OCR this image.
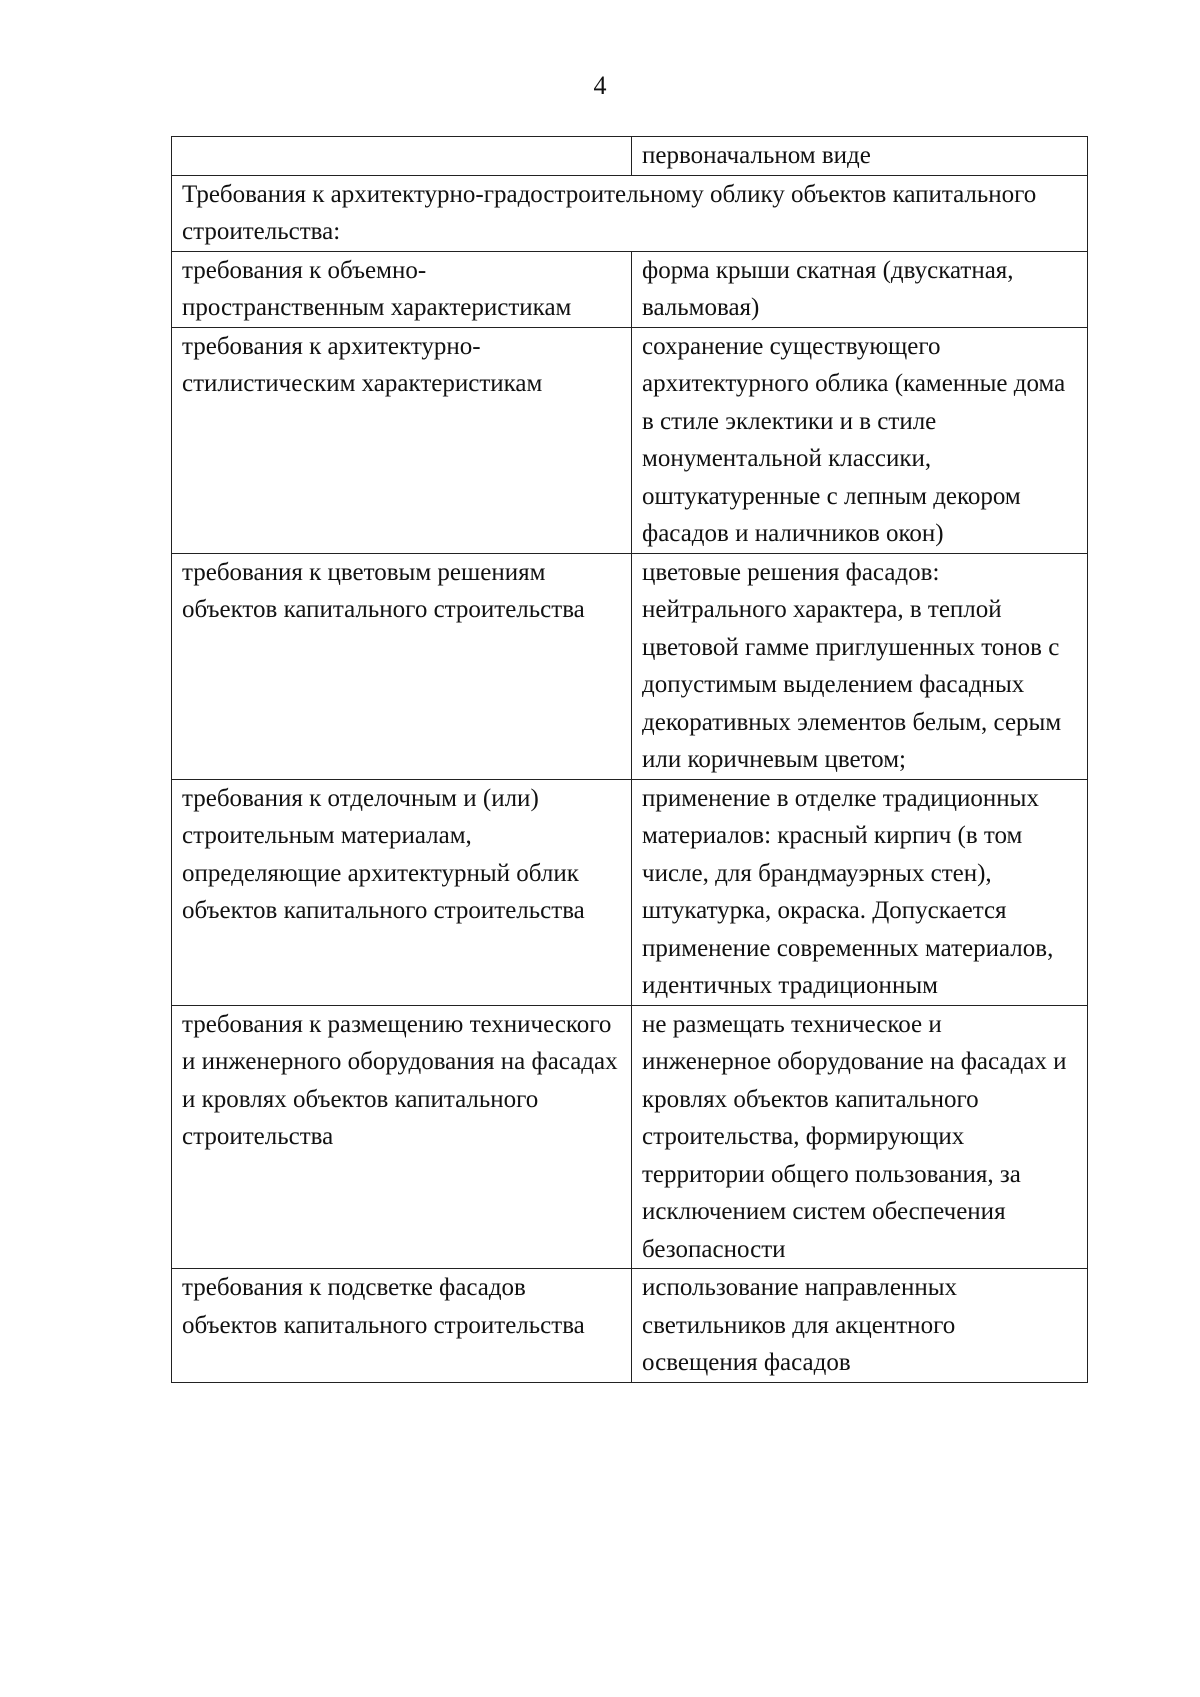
4
	первоначальном виде
Требования к архитектурно-градостроительному облику объектов капитального строительства:	
требования к объемно-пространственным характеристикам	форма крыши скатная (двускатная, вальмовая)
требования к архитектурно-стилистическим характеристикам	сохранение существующего архитектурного облика (каменные дома в стиле эклектики и в стиле монументальной классики, оштукатуренные с лепным декором фасадов и наличников окон)
требования к цветовым решениям объектов капитального строительства	цветовые решения фасадов: нейтрального характера, в теплой цветовой гамме приглушенных тонов с допустимым выделением фасадных декоративных элементов белым, серым или коричневым цветом;
требования к отделочным и (или) строительным материалам, определяющие архитектурный облик объектов капитального строительства	применение в отделке традиционных материалов: красный кирпич (в том числе, для брандмауэрных стен), штукатурка, окраска. Допускается применение современных материалов, идентичных традиционным
требования к размещению технического и инженерного оборудования на фасадах и кровлях объектов капитального строительства	не размещать техническое и инженерное оборудование на фасадах и кровлях объектов капитального строительства, формирующих территории общего пользования, за исключением систем обеспечения безопасности
требования к подсветке фасадов объектов капитального строительства	использование направленных светильников для акцентного освещения фасадов
